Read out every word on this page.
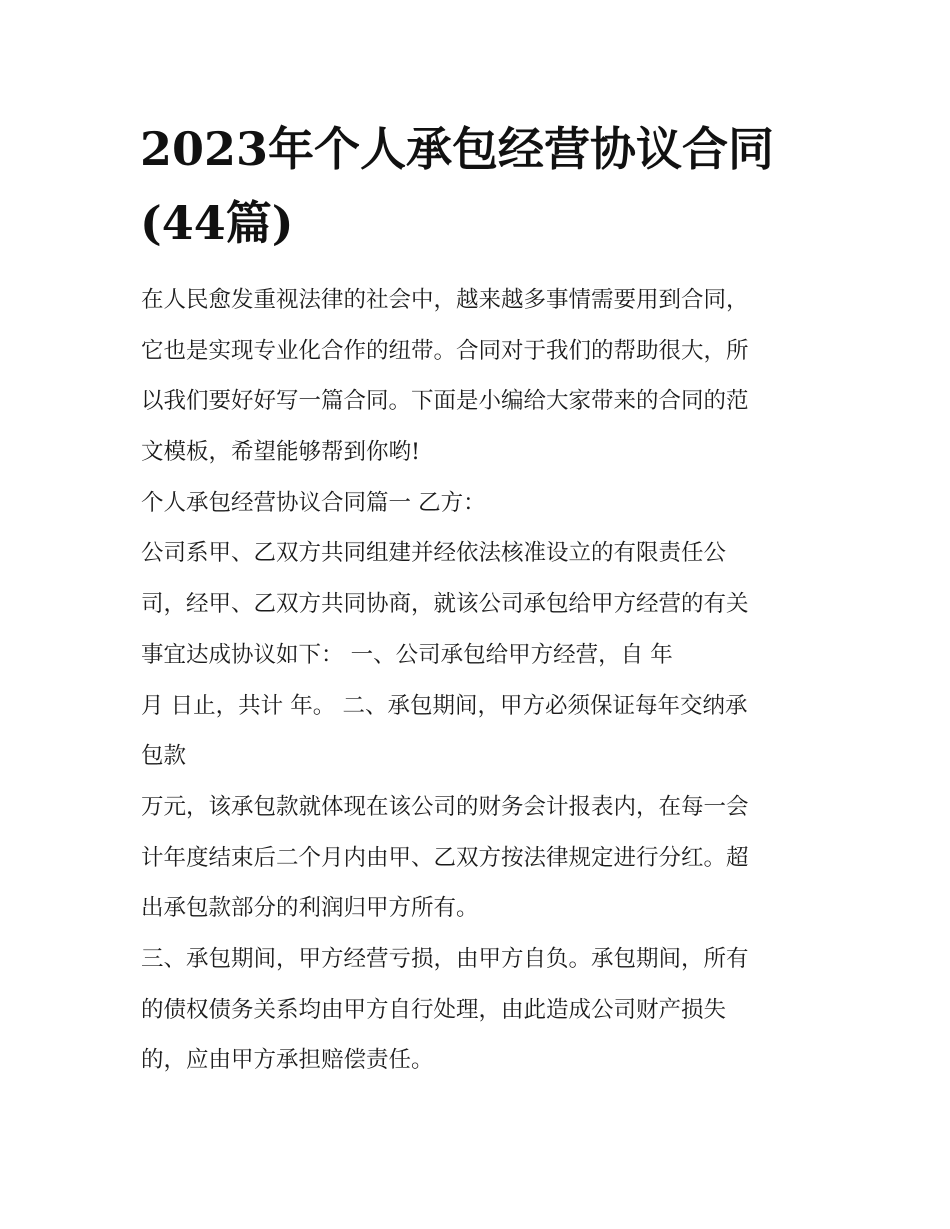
2023年个人承包经营协议合同
(44篇)
在人民愈发重视法律的社会中，越来越多事情需要用到合同，
它也是实现专业化合作的纽带。合同对于我们的帮助很大，所
以我们要好好写一篇合同。下面是小编给大家带来的合同的范
文模板，希望能够帮到你哟!
个人承包经营协议合同篇一 乙方：
公司系甲、乙双方共同组建并经依法核准设立的有限责任公
司，经甲、乙双方共同协商，就该公司承包给甲方经营的有关
事宜达成协议如下： 一、公司承包给甲方经营，自 年
月 日止，共计 年。 二、承包期间，甲方必须保证每年交纳承
包款
万元，该承包款就体现在该公司的财务会计报表内，在每一会
计年度结束后二个月内由甲、乙双方按法律规定进行分红。超
出承包款部分的利润归甲方所有。
三、承包期间，甲方经营亏损，由甲方自负。承包期间，所有
的债权债务关系均由甲方自行处理，由此造成公司财产损失
的，应由甲方承担赔偿责任。
